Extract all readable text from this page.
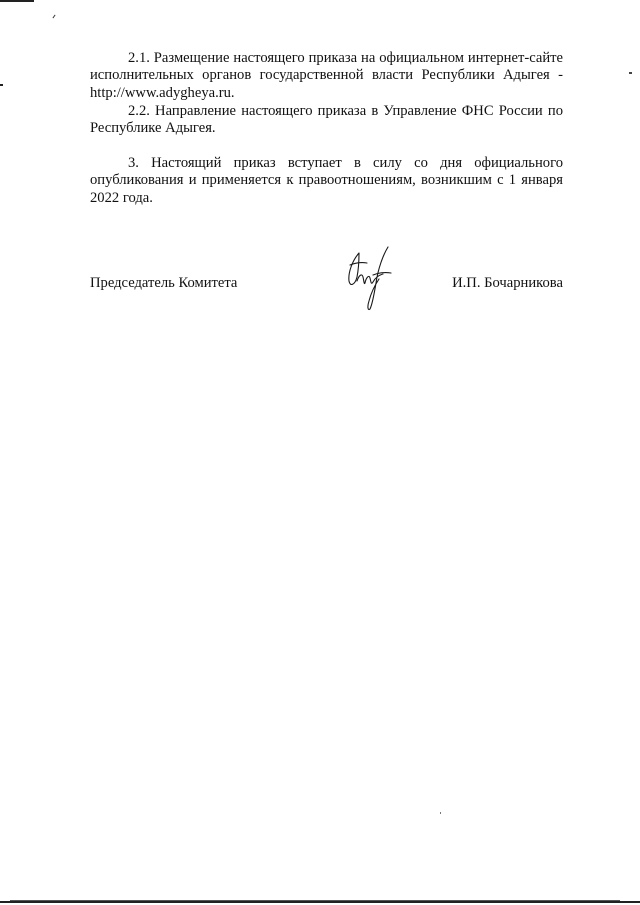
2.1. Размещение настоящего приказа на официальном интернет-сайте исполнительных органов государственной власти Республики Адыгея - http://www.adygheya.ru.

2.2. Направление настоящего приказа в Управление ФНС России по Республике Адыгея.

3. Настоящий приказ вступает в силу со дня официального опубликования и применяется к правоотношениям, возникшим с 1 января 2022 года.

Председатель Комитета	И.П. Бочарникова
